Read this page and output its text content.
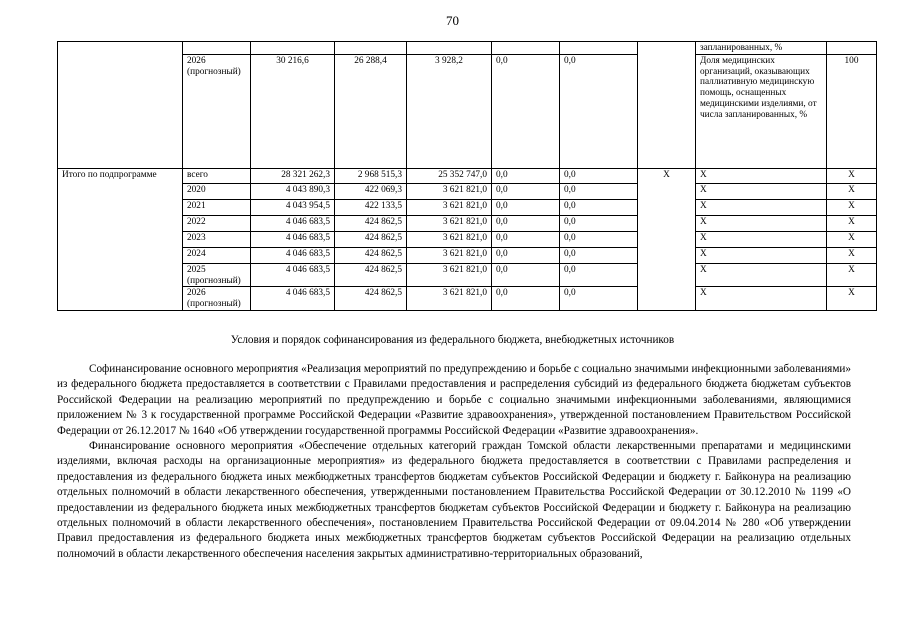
70
								запланированных, %	
	2026
(прогнозный)	30 216,6	26 288,4	3 928,2	0,0	0,0		Доля медицинских организаций, оказывающих паллиативную медицинскую помощь, оснащенных медицинскими изделиями, от числа запланированных, %	100
Итого по подпрограмме	всего	28 321 262,3	2 968 515,3	25 352 747,0	0,0	0,0	Х	Х	Х
	2020	4 043 890,3	422 069,3	3 621 821,0	0,0	0,0		Х	Х
	2021	4 043 954,5	422 133,5	3 621 821,0	0,0	0,0		Х	Х
	2022	4 046 683,5	424 862,5	3 621 821,0	0,0	0,0		Х	Х
	2023	4 046 683,5	424 862,5	3 621 821,0	0,0	0,0		Х	Х
	2024	4 046 683,5	424 862,5	3 621 821,0	0,0	0,0		Х	Х
	2025
(прогнозный)	4 046 683,5	424 862,5	3 621 821,0	0,0	0,0		Х	Х
	2026
(прогнозный)	4 046 683,5	424 862,5	3 621 821,0	0,0	0,0		Х	Х
Условия и порядок софинансирования из федерального бюджета, внебюджетных источников

Софинансирование основного мероприятия «Реализация мероприятий по предупреждению и борьбе с социально значимыми инфекционными заболеваниями» из федерального бюджета предоставляется в соответствии с Правилами предоставления и распределения субсидий из федерального бюджета бюджетам субъектов Российской Федерации на реализацию мероприятий по предупреждению и борьбе с социально значимыми инфекционными заболеваниями, являющимися приложением № 3 к государственной программе Российской Федерации «Развитие здравоохранения», утвержденной постановлением Правительством Российской Федерации от 26.12.2017 № 1640 «Об утверждении государственной программы Российской Федерации «Развитие здравоохранения».

Финансирование основного мероприятия «Обеспечение отдельных категорий граждан Томской области лекарственными препаратами и медицинскими изделиями, включая расходы на организационные мероприятия» из федерального бюджета предоставляется в соответствии с Правилами распределения и предоставления из федерального бюджета иных межбюджетных трансфертов бюджетам субъектов Российской Федерации и бюджету г. Байконура на реализацию отдельных полномочий в области лекарственного обеспечения, утвержденными постановлением Правительства Российской Федерации от 30.12.2010 № 1199 «О предоставлении из федерального бюджета иных межбюджетных трансфертов бюджетам субъектов Российской Федерации и бюджету г. Байконура на реализацию отдельных полномочий в области лекарственного обеспечения», постановлением Правительства Российской Федерации от 09.04.2014 № 280 «Об утверждении Правил предоставления из федерального бюджета иных межбюджетных трансфертов бюджетам субъектов Российской Федерации на реализацию отдельных полномочий в области лекарственного обеспечения населения закрытых административно-территориальных образований,
